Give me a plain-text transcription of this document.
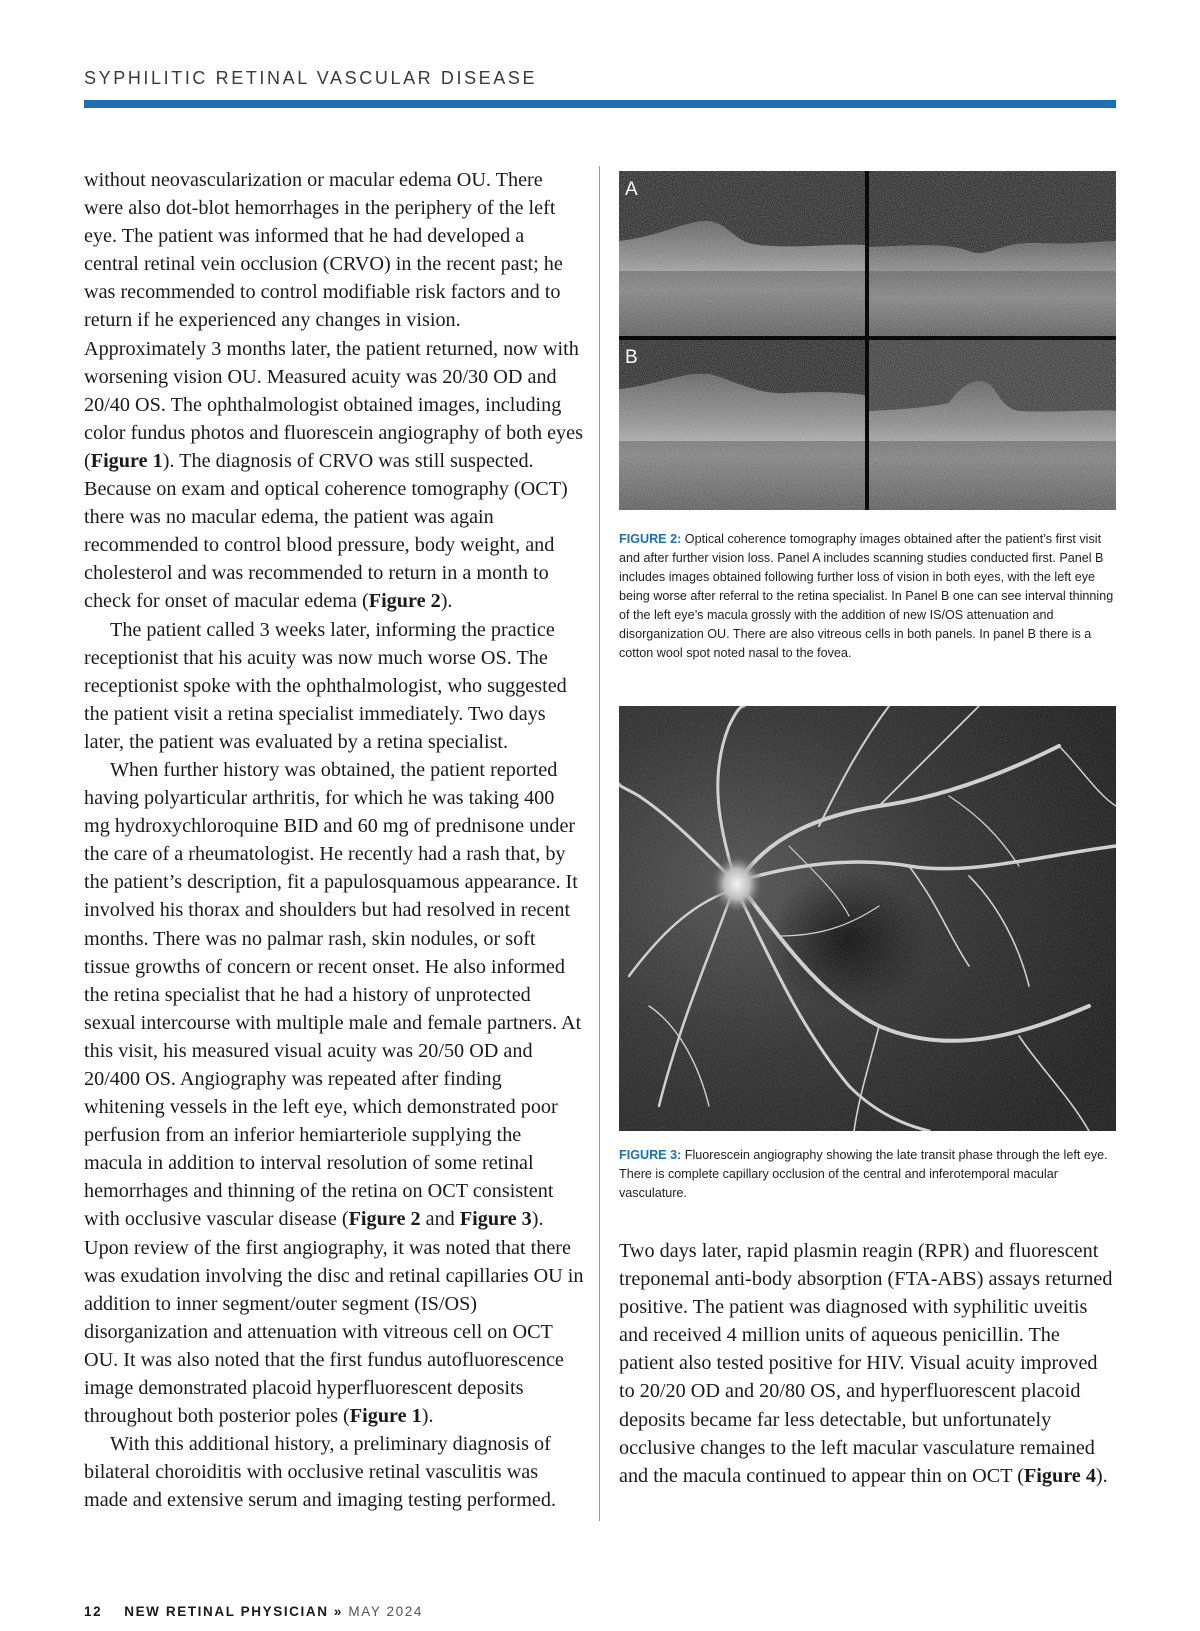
SYPHILITIC RETINAL VASCULAR DISEASE

without neovascularization or macular edema OU. There were also dot-blot hemorrhages in the periphery of the left eye. The patient was informed that he had developed a central retinal vein occlusion (CRVO) in the recent past; he was recommended to control modifiable risk factors and to return if he experienced any changes in vision. Approximately 3 months later, the patient returned, now with worsening vision OU. Measured acuity was 20/30 OD and 20/40 OS. The ophthalmologist obtained images, including color fundus photos and fluorescein angiography of both eyes (Figure 1). The diagnosis of CRVO was still suspected. Because on exam and optical coherence tomography (OCT) there was no macular edema, the patient was again recommended to control blood pressure, body weight, and cholesterol and was recommended to return in a month to check for onset of macular edema (Figure 2).

The patient called 3 weeks later, informing the practice receptionist that his acuity was now much worse OS. The receptionist spoke with the ophthalmologist, who suggested the patient visit a retina specialist immediately. Two days later, the patient was evaluated by a retina specialist.

When further history was obtained, the patient reported having polyarticular arthritis, for which he was taking 400 mg hydroxychloroquine BID and 60 mg of prednisone under the care of a rheumatologist. He recently had a rash that, by the patient’s description, fit a papulosquamous appearance. It involved his thorax and shoulders but had resolved in recent months. There was no palmar rash, skin nodules, or soft tissue growths of concern or recent onset. He also informed the retina specialist that he had a history of unprotected sexual intercourse with multiple male and female partners. At this visit, his measured visual acuity was 20/50 OD and 20/400 OS. Angiography was repeated after finding whitening vessels in the left eye, which demonstrated poor perfusion from an inferior hemiarteriole supplying the macula in addition to interval resolution of some retinal hemorrhages and thinning of the retina on OCT consistent with occlusive vascular disease (Figure 2 and Figure 3). Upon review of the first angiography, it was noted that there was exudation involving the disc and retinal capillaries OU in addition to inner segment/outer segment (IS/OS) disorganization and attenuation with vitreous cell on OCT OU. It was also noted that the first fundus autofluorescence image demonstrated placoid hyperfluorescent deposits throughout both posterior poles (Figure 1).

With this additional history, a preliminary diagnosis of bilateral choroiditis with occlusive retinal vasculitis was made and extensive serum and imaging testing performed.

A
B
FIGURE 2: Optical coherence tomography images obtained after the patient’s first visit and after further vision loss. Panel A includes scanning studies conducted first. Panel B includes images obtained following further loss of vision in both eyes, with the left eye being worse after referral to the retina specialist. In Panel B one can see interval thinning of the left eye’s macula grossly with the addition of new IS/OS attenuation and disorganization OU. There are also vitreous cells in both panels. In panel B there is a cotton wool spot noted nasal to the fovea.
FIGURE 3: Fluorescein angiography showing the late transit phase through the left eye. There is complete capillary occlusion of the central and inferotemporal macular vasculature.

Two days later, rapid plasmin reagin (RPR) and fluorescent treponemal anti-body absorption (FTA-ABS) assays returned positive. The patient was diagnosed with syphilitic uveitis and received 4 million units of aqueous penicillin. The patient also tested positive for HIV. Visual acuity improved to 20/20 OD and 20/80 OS, and hyperfluorescent placoid deposits became far less detectable, but unfortunately occlusive changes to the left macular vasculature remained and the macula continued to appear thin on OCT (Figure 4).

12 NEW RETINAL PHYSICIAN » MAY 2024
